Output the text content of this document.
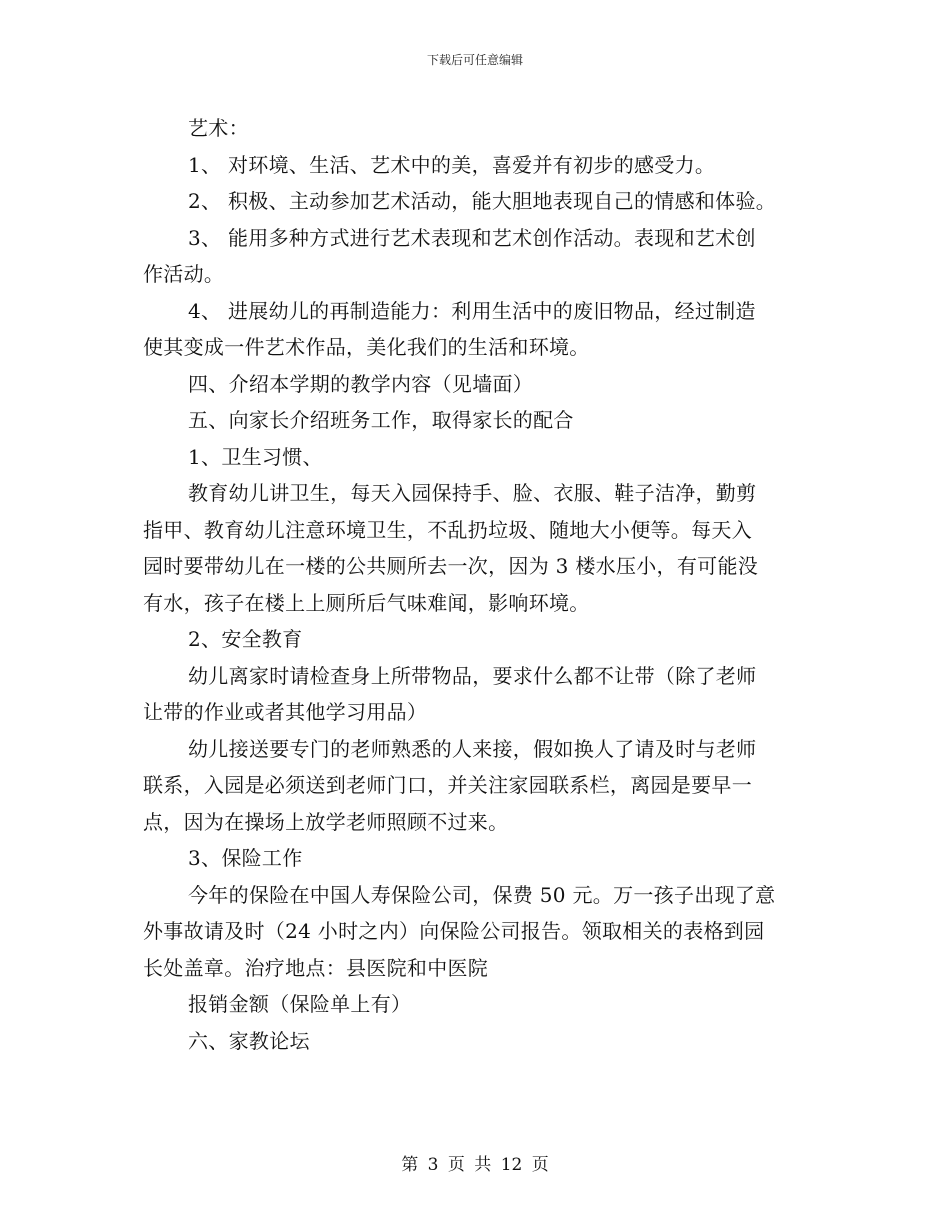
下载后可任意编辑

艺术：

1、 对环境、生活、艺术中的美，喜爱并有初步的感受力。

2、 积极、主动参加艺术活动，能大胆地表现自己的情感和体验。

3、 能用多种方式进行艺术表现和艺术创作活动。表现和艺术创

作活动。

4、 进展幼儿的再制造能力：利用生活中的废旧物品，经过制造

使其变成一件艺术作品，美化我们的生活和环境。

四、介绍本学期的教学内容（见墙面）

五、向家长介绍班务工作，取得家长的配合

1、卫生习惯、

教育幼儿讲卫生，每天入园保持手、脸、衣服、鞋子洁净，勤剪

指甲、教育幼儿注意环境卫生，不乱扔垃圾、随地大小便等。每天入

园时要带幼儿在一楼的公共厕所去一次，因为 3 楼水压小，有可能没

有水，孩子在楼上上厕所后气味难闻，影响环境。

2、安全教育

幼儿离家时请检查身上所带物品，要求什么都不让带（除了老师

让带的作业或者其他学习用品）

幼儿接送要专门的老师熟悉的人来接，假如换人了请及时与老师

联系，入园是必须送到老师门口，并关注家园联系栏，离园是要早一

点，因为在操场上放学老师照顾不过来。

3、保险工作

今年的保险在中国人寿保险公司，保费 50 元。万一孩子出现了意

外事故请及时（24 小时之内）向保险公司报告。领取相关的表格到园

长处盖章。治疗地点：县医院和中医院

报销金额（保险单上有）

六、家教论坛

第 3 页 共 12 页
